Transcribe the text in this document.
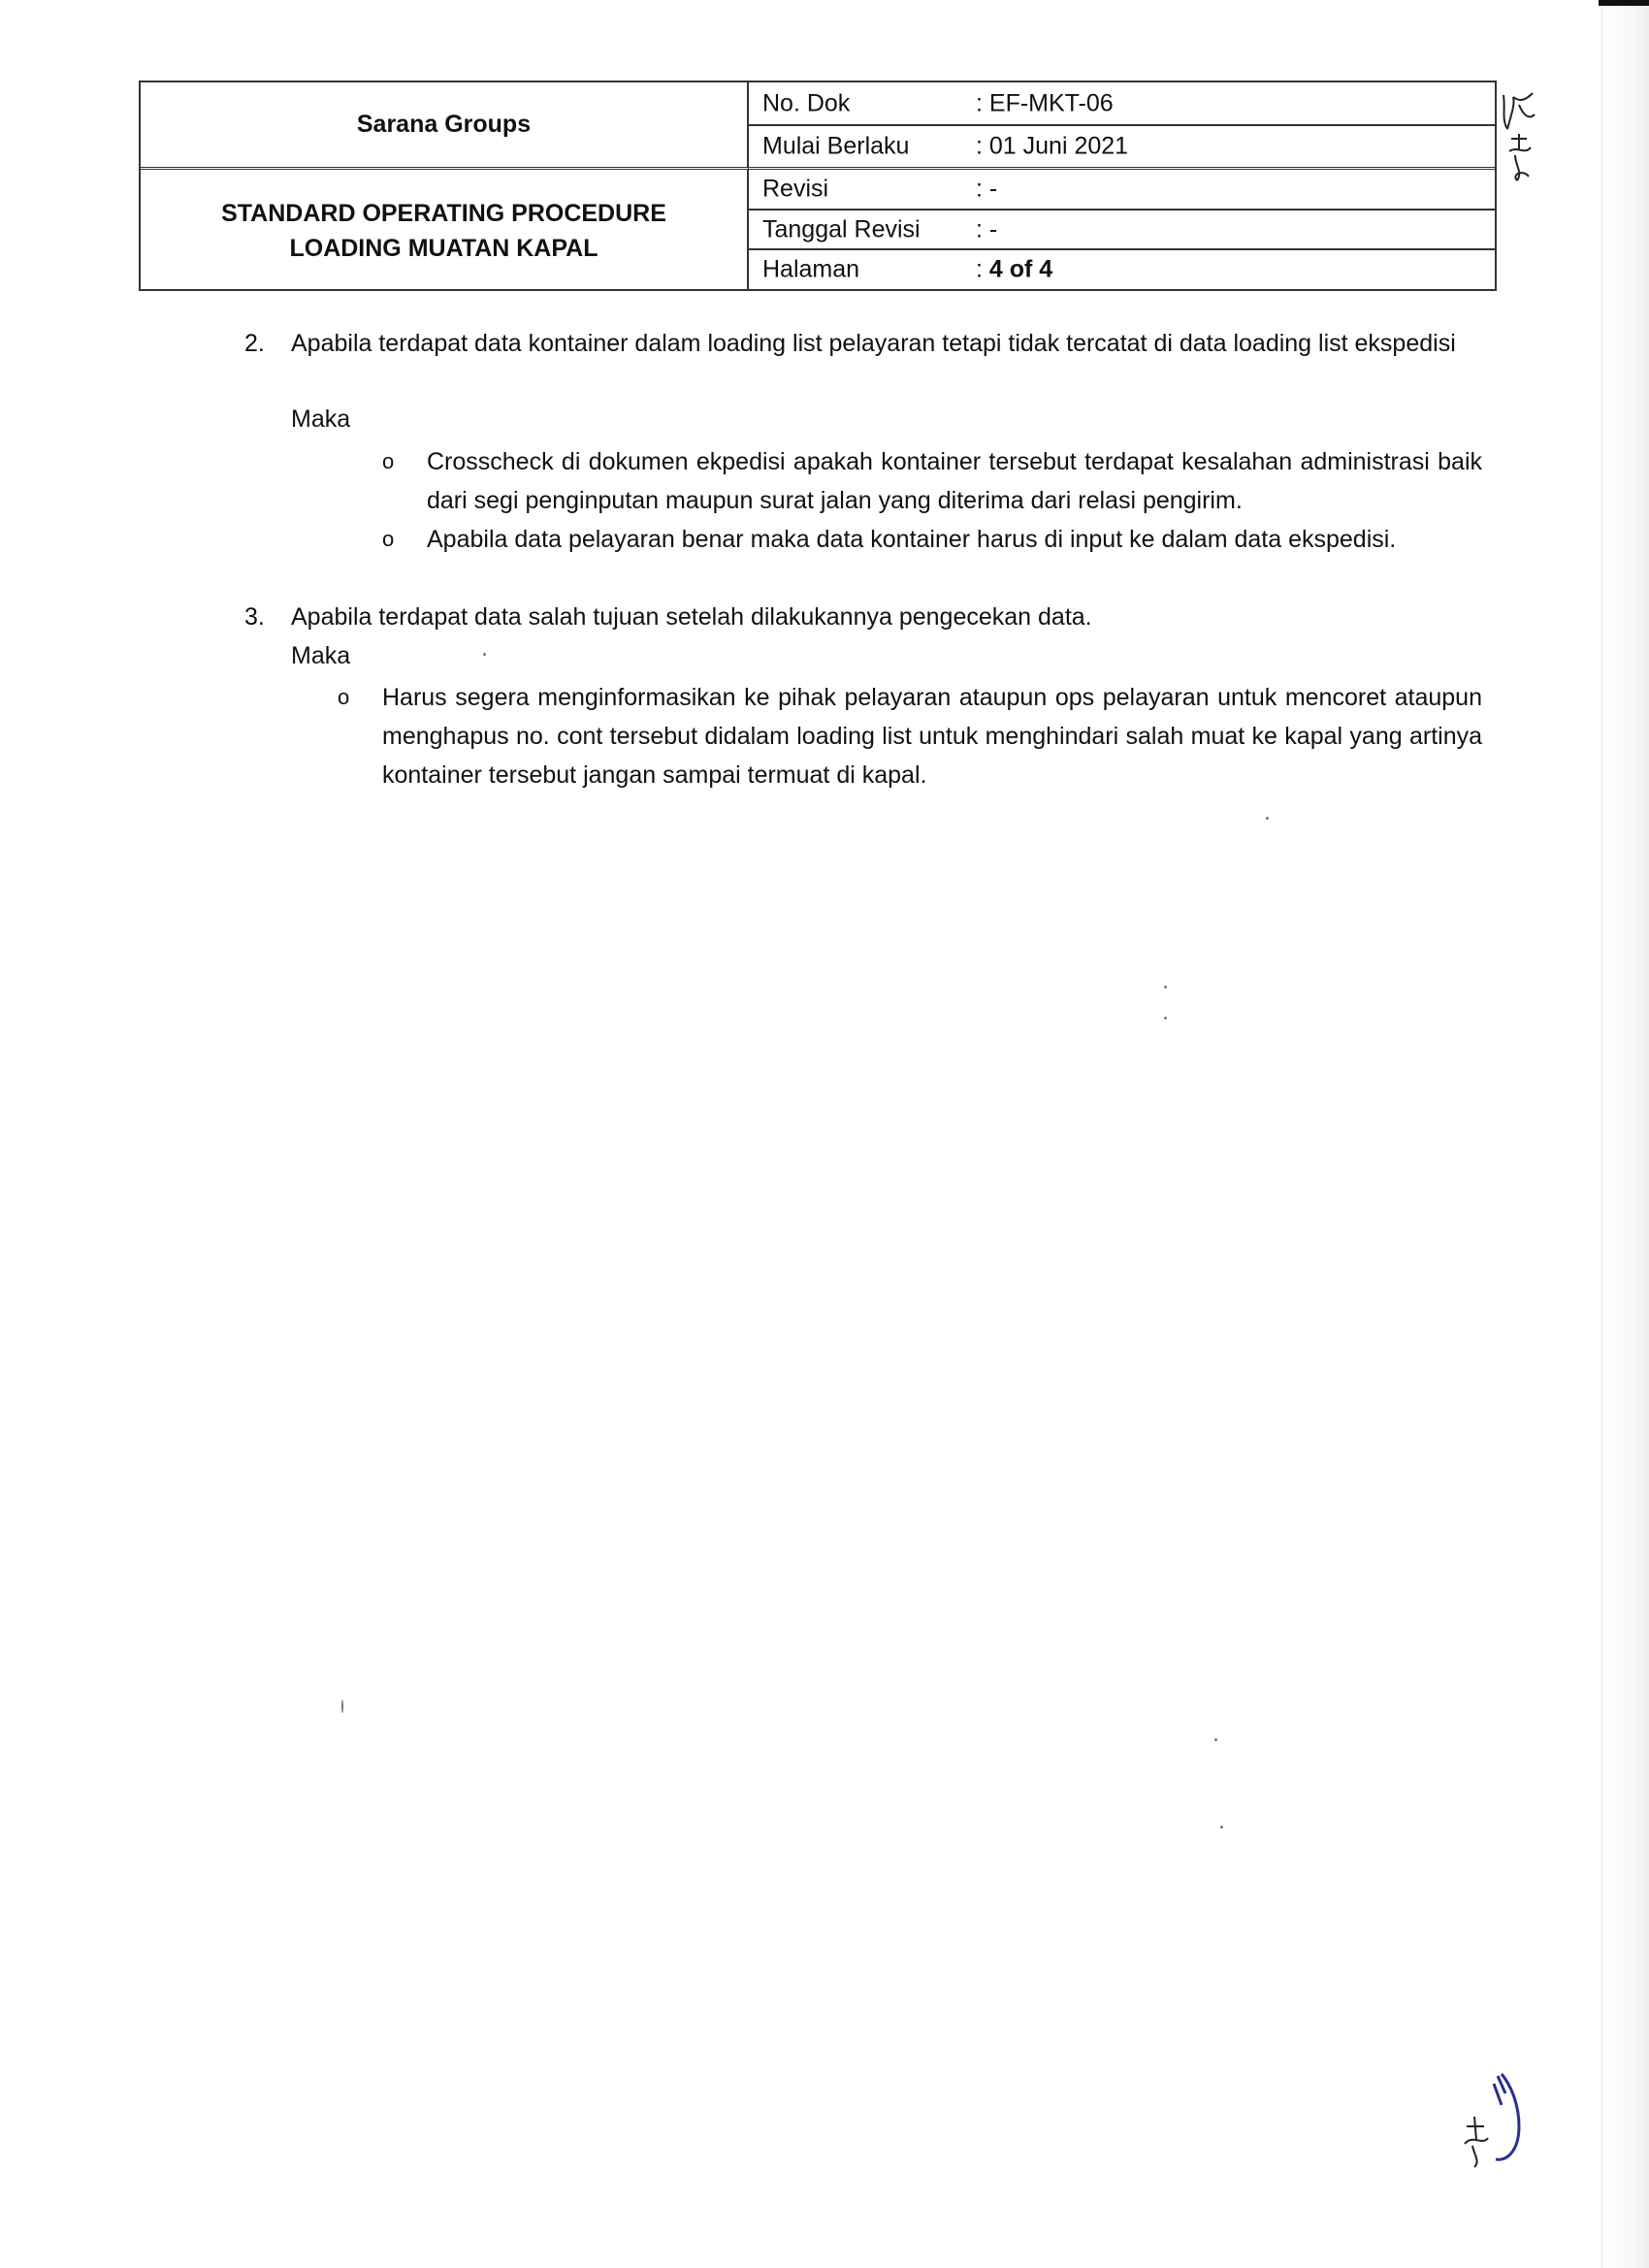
Sarana Groups
STANDARD OPERATING PROCEDURE
LOADING MUATAN KAPAL
No. Dok	: EF-MKT-06
Mulai Berlaku	: 01 Juni 2021
Revisi	: -
Tanggal Revisi : -
Halaman	: 4 of 4
2. Apabila terdapat data kontainer dalam loading list pelayaran tetapi tidak tercatat di data loading list ekspedisi
Maka
o Crosscheck di dokumen ekpedisi apakah kontainer tersebut terdapat kesalahan administrasi baik dari segi penginputan maupun surat jalan yang diterima dari relasi pengirim.
o Apabila data pelayaran benar maka data kontainer harus di input ke dalam data ekspedisi.
3. Apabila terdapat data salah tujuan setelah dilakukannya pengecekan data.
Maka
o Harus segera menginformasikan ke pihak pelayaran ataupun ops pelayaran untuk mencoret ataupun menghapus no. cont tersebut didalam loading list untuk menghindari salah muat ke kapal yang artinya kontainer tersebut jangan sampai termuat di kapal.
